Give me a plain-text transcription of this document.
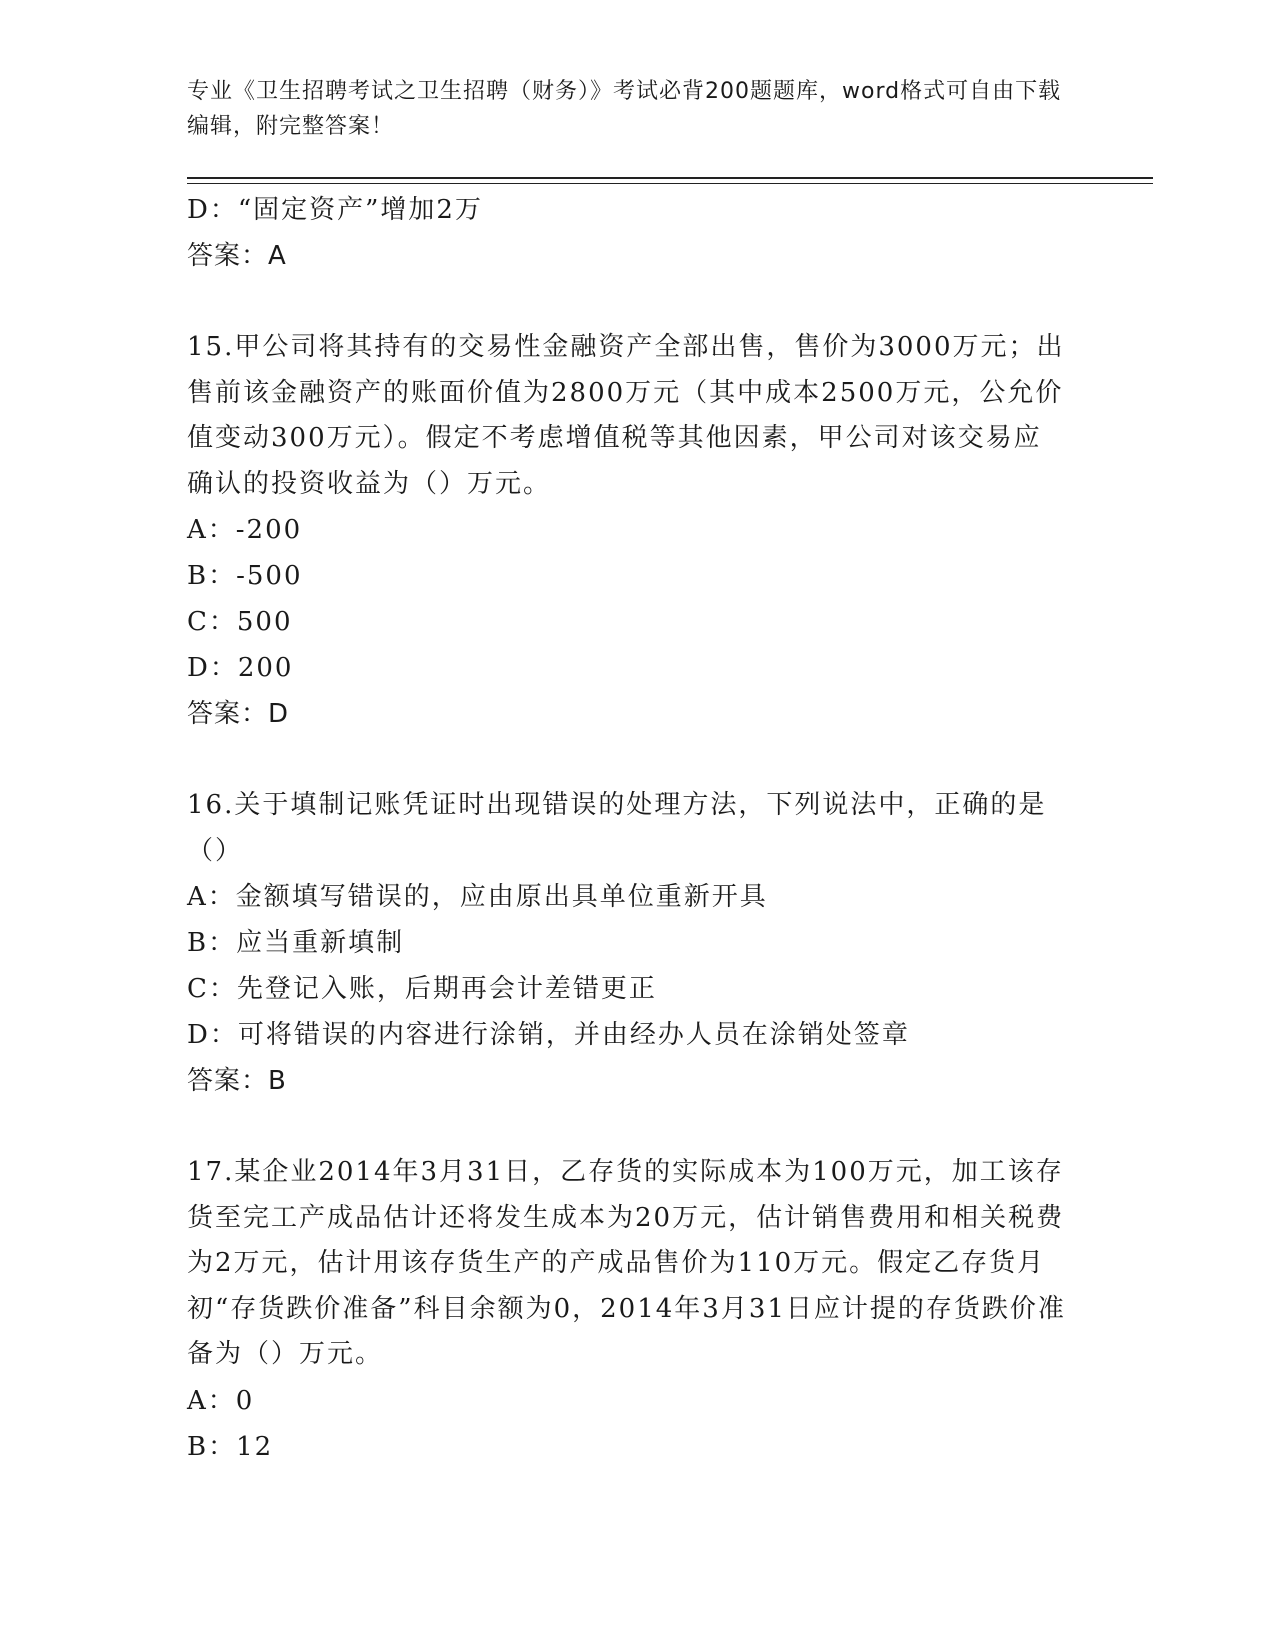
专业《卫生招聘考试之卫生招聘（财务）》考试必背200题题库，word格式可自由下载编辑，附完整答案！
D：“固定资产”增加2万
答案：A
15.甲公司将其持有的交易性金融资产全部出售，售价为3000万元；出售前该金融资产的账面价值为2800万元（其中成本2500万元，公允价值变动300万元）。假定不考虑增值税等其他因素，甲公司对该交易应确认的投资收益为（）万元。
A：-200
B：-500
C：500
D：200
答案：D
16.关于填制记账凭证时出现错误的处理方法，下列说法中，正确的是（）
A：金额填写错误的，应由原出具单位重新开具
B：应当重新填制
C：先登记入账，后期再会计差错更正
D：可将错误的内容进行涂销，并由经办人员在涂销处签章
答案：B
17.某企业2014年3月31日，乙存货的实际成本为100万元，加工该存货至完工产成品估计还将发生成本为20万元，估计销售费用和相关税费为2万元，估计用该存货生产的产成品售价为110万元。假定乙存货月初“存货跌价准备”科目余额为0，2014年3月31日应计提的存货跌价准备为（）万元。
A：0
B：12
